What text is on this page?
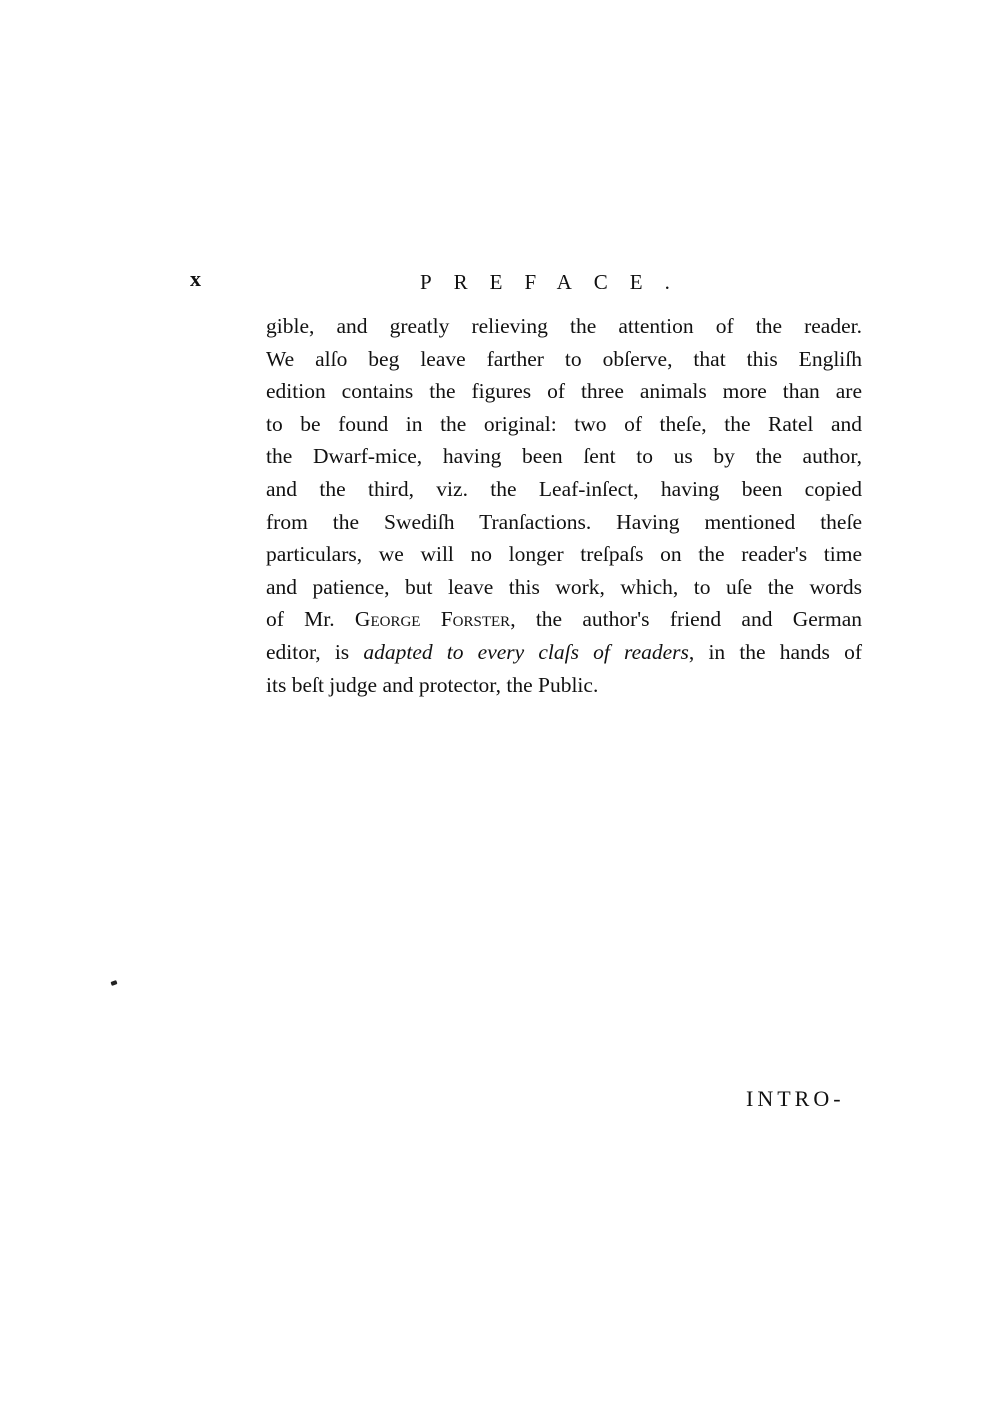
x	PREFACE.
gible, and greatly relieving the attention of the reader.
We alſo beg leave farther to obſerve, that this Engliſh
edition contains the figures of three animals more than are
to be found in the original: two of theſe, the Ratel and
the Dwarf-mice, having been ſent to us by the author,
and the third, viz. the Leaf-inſect, having been copied
from the Swediſh Tranſactions. Having mentioned theſe
particulars, we will no longer treſpaſs on the reader's time
and patience, but leave this work, which, to uſe the words
of Mr. George Forster, the author's friend and German
editor, is adapted to every claſs of readers, in the hands of
its beſt judge and protector, the Public.
INTRO-
